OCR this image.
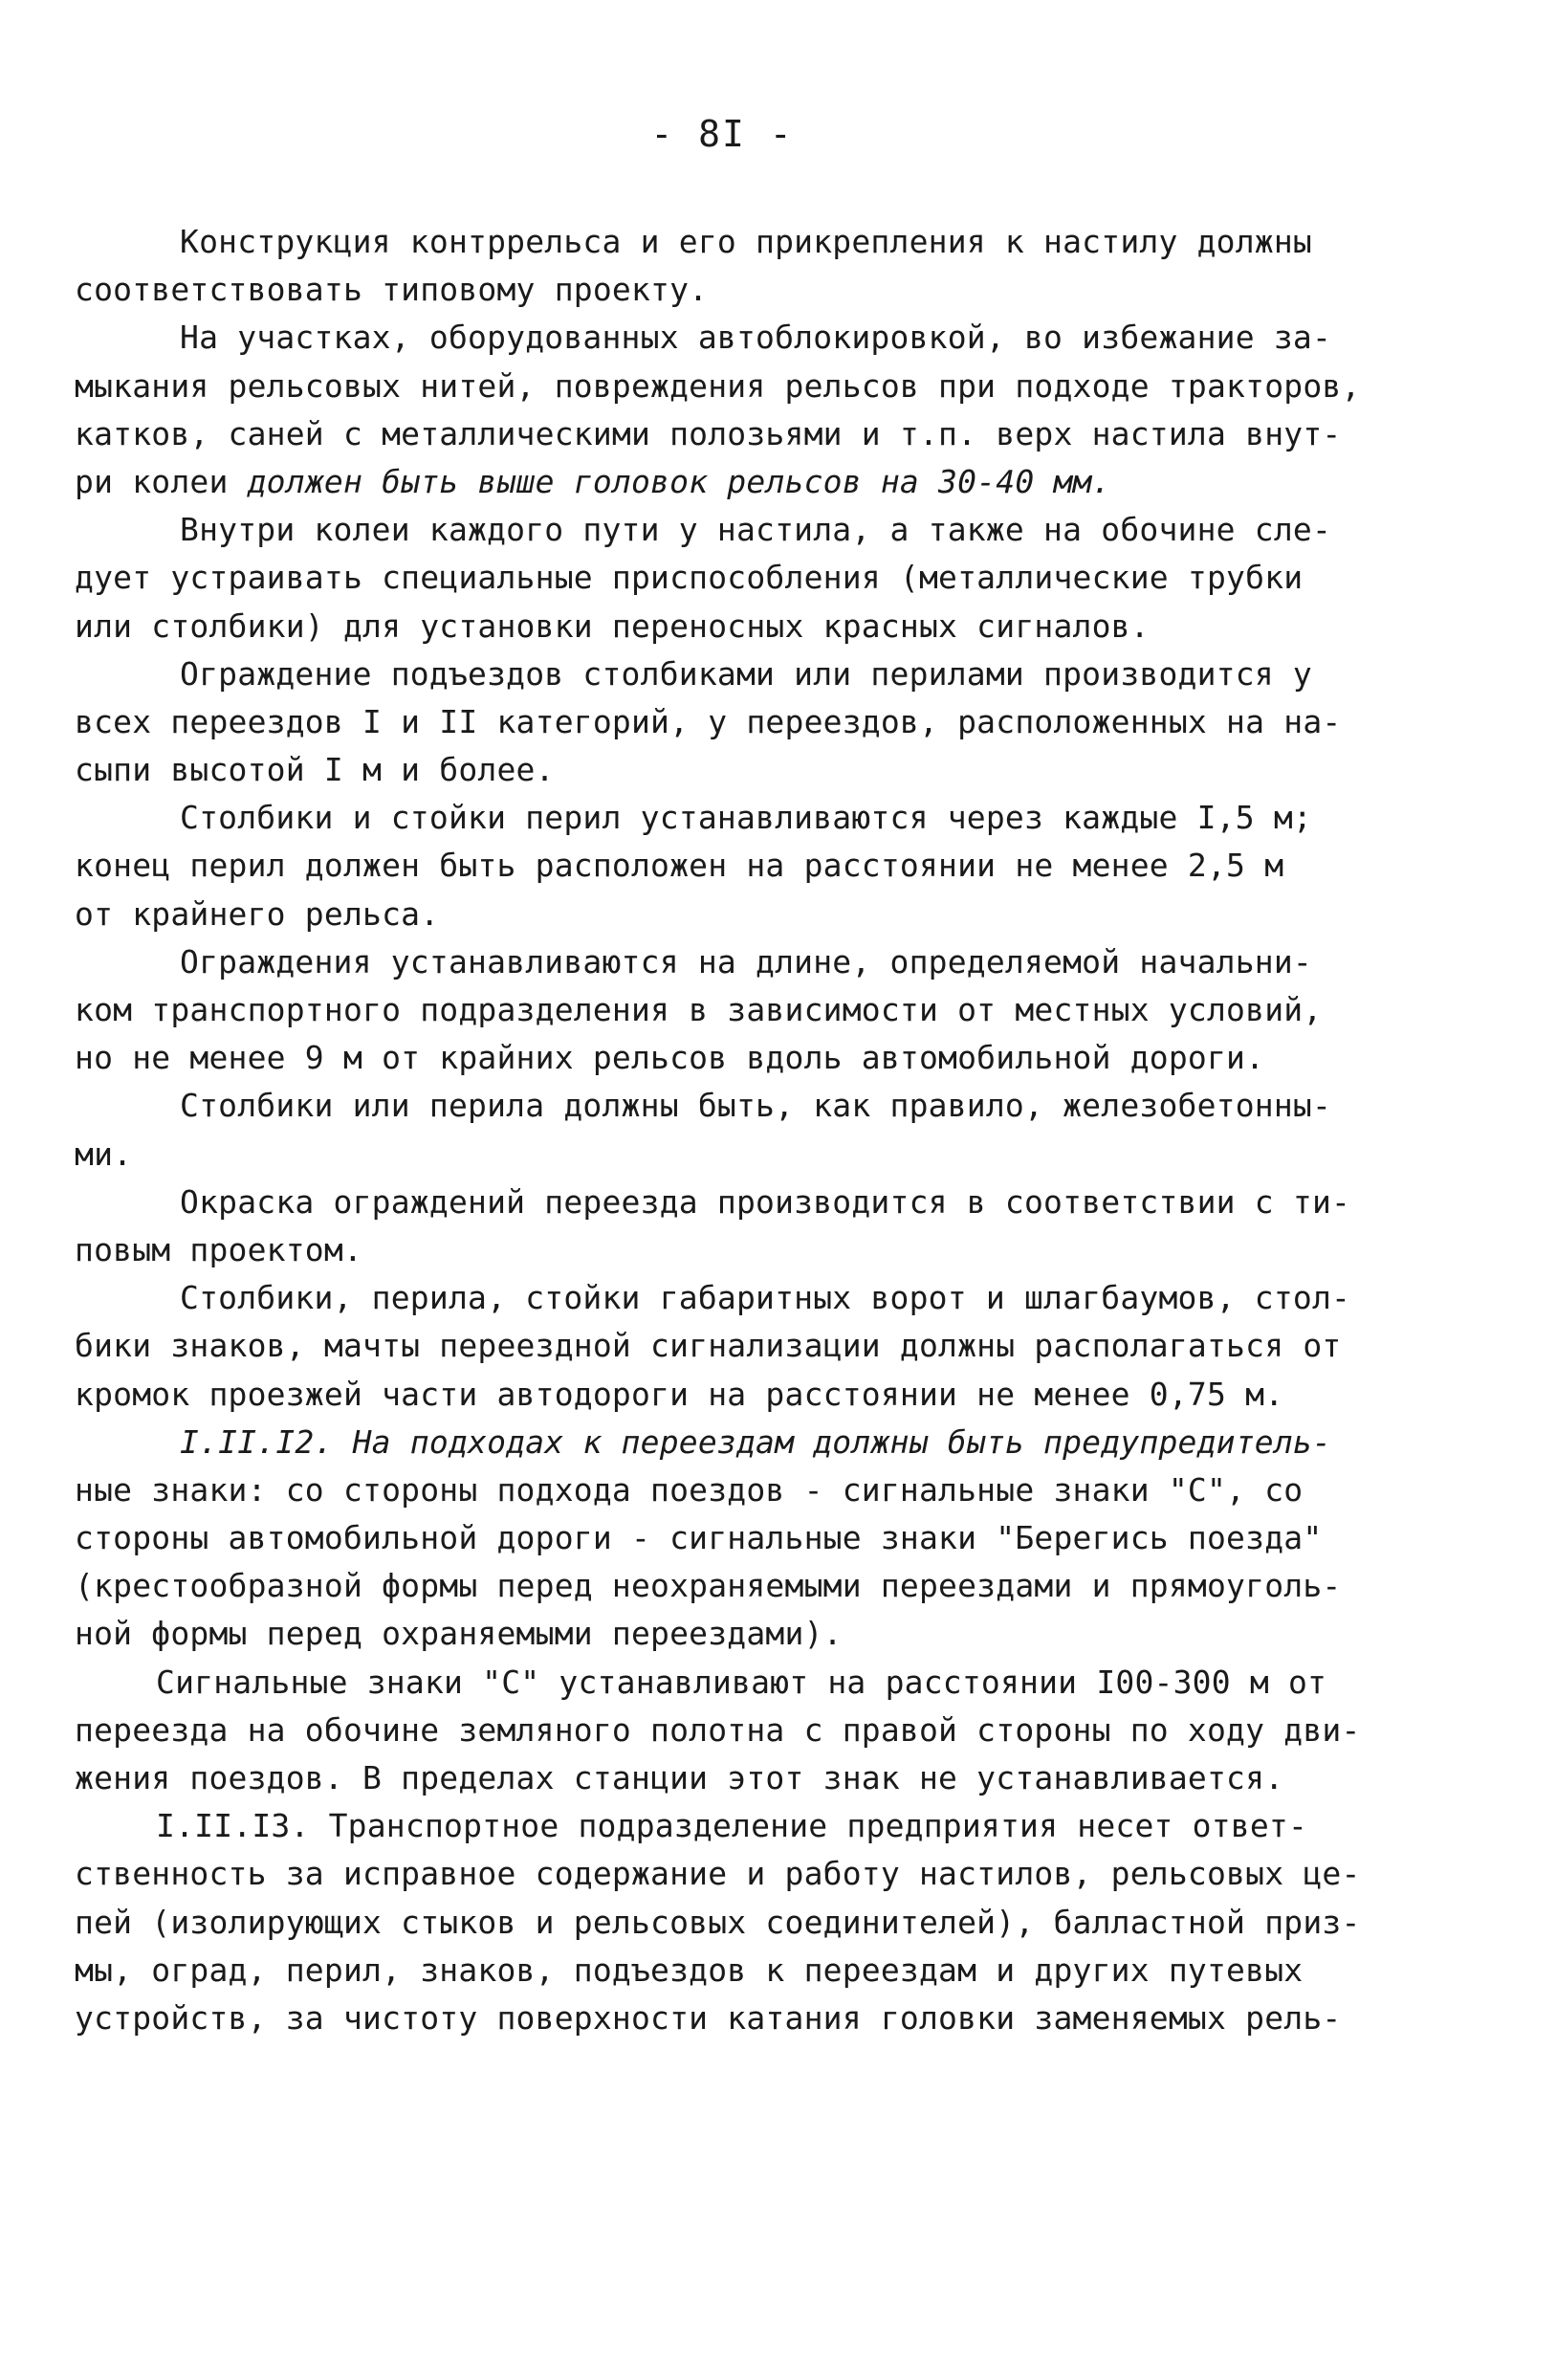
- 8I -
Конструкция контррельса и его прикрепления к настилу должны
соответствовать типовому проекту.
На участках, оборудованных автоблокировкой, во избежание за-
мыкания рельсовых нитей, повреждения рельсов при подходе тракторов,
катков, саней с металлическими полозьями и т.п. верх настила внут-
ри колеи должен быть выше головок рельсов на 30-40 мм.
Внутри колеи каждого пути у настила, а также на обочине сле-
дует устраивать специальные приспособления (металлические трубки
или столбики) для установки переносных красных сигналов.
Ограждение подъездов столбиками или перилами производится у
всех переездов I и II категорий, у переездов, расположенных на на-
сыпи высотой I м и более.
Столбики и стойки перил устанавливаются через каждые I,5 м;
конец перил должен быть расположен на расстоянии не менее 2,5 м
от крайнего рельса.
Ограждения устанавливаются на длине, определяемой начальни-
ком транспортного подразделения в зависимости от местных условий,
но не менее 9 м от крайних рельсов вдоль автомобильной дороги.
Столбики или перила должны быть, как правило, железобетонны-
ми.
Окраска ограждений переезда производится в соответствии с ти-
повым проектом.
Столбики, перила, стойки габаритных ворот и шлагбаумов, стол-
бики знаков, мачты переездной сигнализации должны располагаться от
кромок проезжей части автодороги на расстоянии не менее 0,75 м.
I.II.I2. На подходах к переездам должны быть предупредитель-
ные знаки: со стороны подхода поездов - сигнальные знаки "С", со
стороны автомобильной дороги - сигнальные знаки "Берегись поезда"
(крестообразной формы перед неохраняемыми переездами и прямоуголь-
ной формы перед охраняемыми переездами).
Сигнальные знаки "С" устанавливают на расстоянии I00-300 м от
переезда на обочине земляного полотна с правой стороны по ходу дви-
жения поездов. В пределах станции этот знак не устанавливается.
I.II.I3. Транспортное подразделение предприятия несет ответ-
ственность за исправное содержание и работу настилов, рельсовых це-
пей (изолирующих стыков и рельсовых соединителей), балластной приз-
мы, оград, перил, знаков, подъездов к переездам и других путевых
устройств, за чистоту поверхности катания головки заменяемых рель-
